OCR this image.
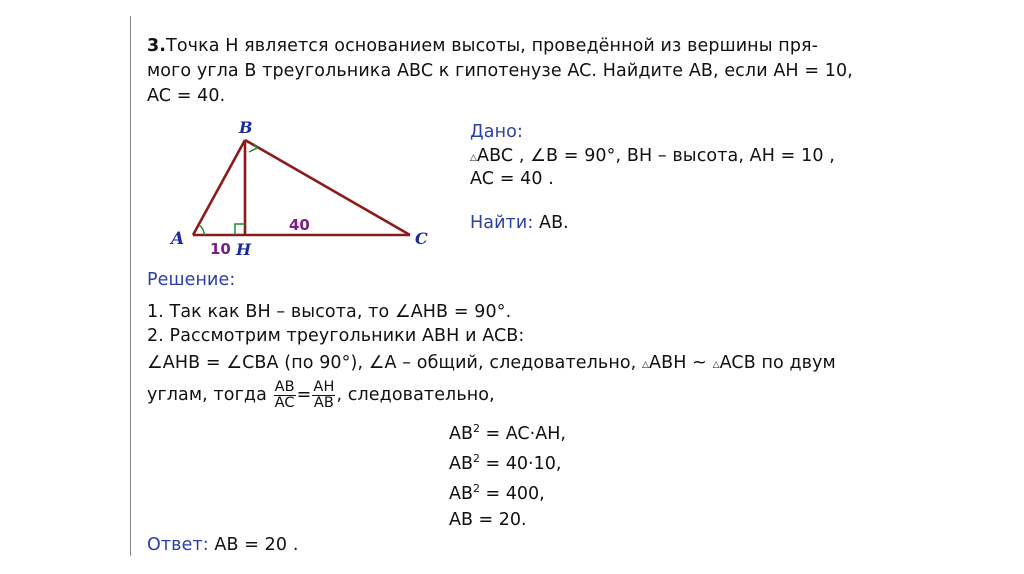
3.Точка H является основанием высоты, проведённой из вершины пря-
мого угла B треугольника ABC к гипотенузе AC. Найдите AB, если AH = 10,
AC = 40.
B
A	C
H
10
40
Дано:
△ABC , ∠B = 90°, BH – высота, AH = 10 ,
AC = 40 .
Найти: AB.
Решение:
1. Так как BH – высота, то ∠AHB = 90°.
2. Рассмотрим треугольники ABH и ACB:
∠AHB = ∠CBA (по 90°), ∠A – общий, следовательно, △ABH ~ △ACB по двум
углам, тогда $\frac{AB}{AC} = \frac{AH}{AB}$ , следовательно,
$AB^2 = AC\cdot AH$,
$AB^2 = 40\cdot 10$,
$AB^2 = 400$,
AB = 20.
Ответ: AB = 20 .
